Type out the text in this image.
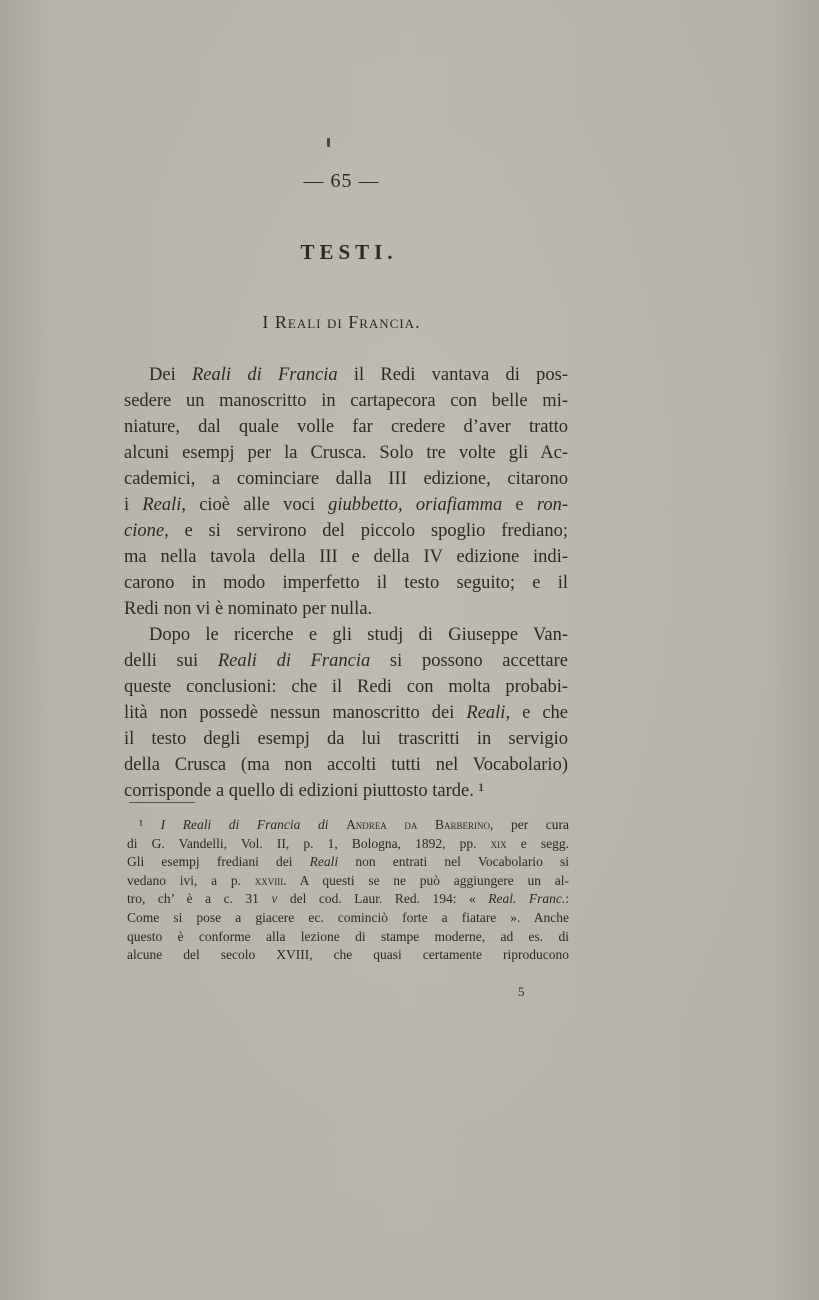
— 65 —
TESTI.
I Reali di Francia.
Dei Reali di Francia il Redi vantava di pos-
sedere un manoscritto in cartapecora con belle mi-
niature, dal quale volle far credere d’aver tratto
alcuni esempj per la Crusca. Solo tre volte gli Ac-
cademici, a cominciare dalla III edizione, citarono
i Reali, cioè alle voci giubbetto, oriafiamma e ron-
cione, e si servirono del piccolo spoglio frediano;
ma nella tavola della III e della IV edizione indi-
carono in modo imperfetto il testo seguito; e il
Redi non vi è nominato per nulla.
Dopo le ricerche e gli studj di Giuseppe Van-
delli sui Reali di Francia si possono accettare
queste conclusioni: che il Redi con molta probabi-
lità non possedè nessun manoscritto dei Reali, e che
il testo degli esempj da lui trascritti in servigio
della Crusca (ma non accolti tutti nel Vocabolario)
corrisponde a quello di edizioni piuttosto tarde. ¹
¹ I Reali di Francia di Andrea da Barberino, per cura
di G. Vandelli, Vol. II, p. 1, Bologna, 1892, pp. xix e segg.
Gli esempj frediani dei Reali non entrati nel Vocabolario si
vedano ivi, a p. xxviii. A questi se ne può aggiungere un al-
tro, ch’ è a c. 31 v del cod. Laur. Red. 194: « Real. Franc.:
Come si pose a giacere ec. cominciò forte a fiatare ». Anche
questo è conforme alla lezione di stampe moderne, ad es. di
alcune del secolo XVIII, che quasi certamente riproducono
5
